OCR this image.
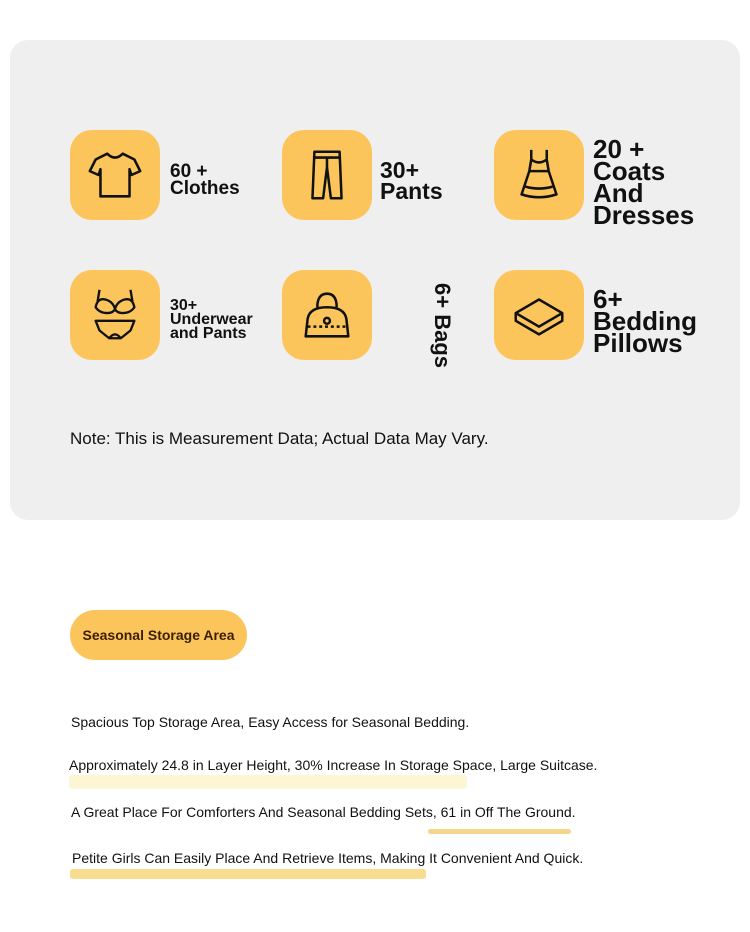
60 +
Clothes
30+
Pants
20 +
Coats
And
Dresses
30+
Underwear
and Pants	6+ Bags	6+
Bedding
Pillows
Note: This is Measurement Data; Actual Data May Vary.
Seasonal Storage Area
Spacious Top Storage Area, Easy Access for Seasonal Bedding.
Approximately 24.8 in Layer Height, 30% Increase In Storage Space, Large Suitcase.
A Great Place For Comforters And Seasonal Bedding Sets, 61 in Off The Ground.
Petite Girls Can Easily Place And Retrieve Items, Making It Convenient And Quick.
